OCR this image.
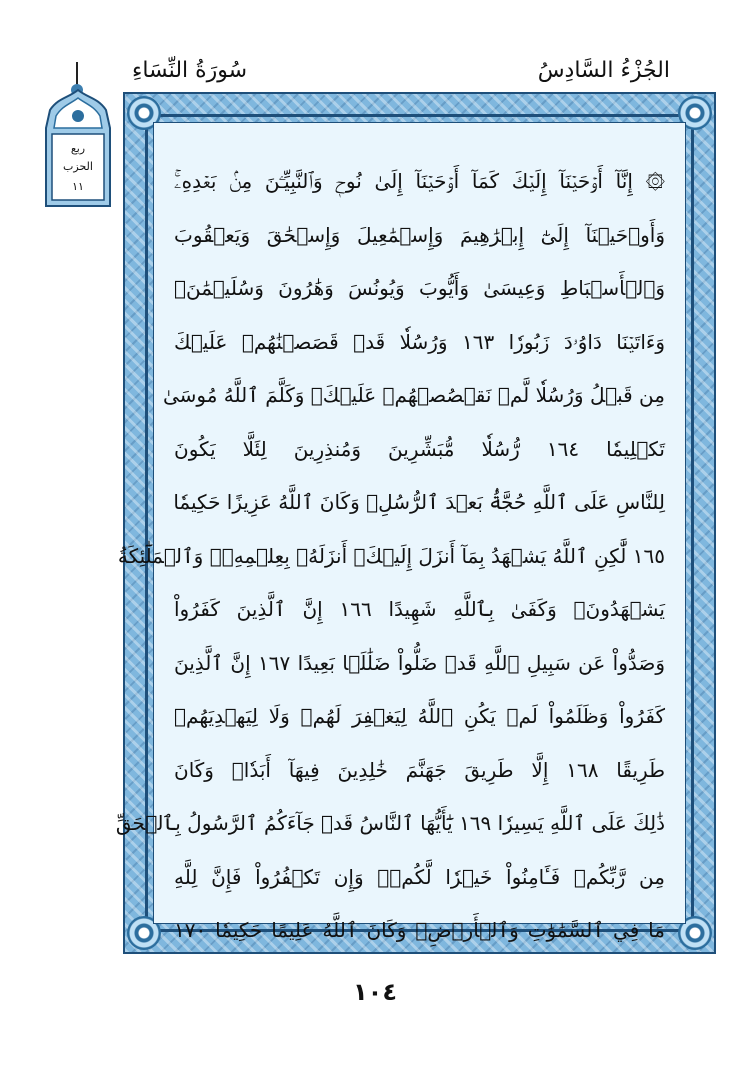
سُورَةُ النِّسَاءِ	الجُزْءُ السَّادِسُ
ربع
الحزب
١١	۞ إِنَّآ أَوۡحَيۡنَآ إِلَيۡكَ كَمَآ أَوۡحَيۡنَآ إِلَىٰ نُوحٖ وَٱلنَّبِيِّـۧنَ مِنۢ بَعۡدِهِۦۚ
وَأَوۡحَيۡنَآ إِلَىٰٓ إِبۡرَٰهِيمَ وَإِسۡمَٰعِيلَ وَإِسۡحَٰقَ وَيَعۡقُوبَ
وَٱلۡأَسۡبَاطِ وَعِيسَىٰ وَأَيُّوبَ وَيُونُسَ وَهَٰرُونَ وَسُلَيۡمَٰنَۚ
وَءَاتَيۡنَا دَاوُۥدَ زَبُورٗا ١٦٣ وَرُسُلٗا قَدۡ قَصَصۡنَٰهُمۡ عَلَيۡكَ
مِن قَبۡلُ وَرُسُلٗا لَّمۡ نَقۡصُصۡهُمۡ عَلَيۡكَۚ وَكَلَّمَ ٱللَّهُ مُوسَىٰ
تَكۡلِيمٗا ١٦٤ رُّسُلٗا مُّبَشِّرِينَ وَمُنذِرِينَ لِئَلَّا يَكُونَ
لِلنَّاسِ عَلَى ٱللَّهِ حُجَّةُۢ بَعۡدَ ٱلرُّسُلِۚ وَكَانَ ٱللَّهُ عَزِيزًا حَكِيمٗا
١٦٥ لَّٰكِنِ ٱللَّهُ يَشۡهَدُ بِمَآ أَنزَلَ إِلَيۡكَۖ أَنزَلَهُۥ بِعِلۡمِهِۦۖ وَٱلۡمَلَٰٓئِكَةُ
يَشۡهَدُونَۚ وَكَفَىٰ بِٱللَّهِ شَهِيدًا ١٦٦ إِنَّ ٱلَّذِينَ كَفَرُواْ
وَصَدُّواْ عَن سَبِيلِ ٱللَّهِ قَدۡ ضَلُّواْ ضَلَٰلَۢا بَعِيدًا ١٦٧ إِنَّ ٱلَّذِينَ
كَفَرُواْ وَظَلَمُواْ لَمۡ يَكُنِ ٱللَّهُ لِيَغۡفِرَ لَهُمۡ وَلَا لِيَهۡدِيَهُمۡ
طَرِيقًا ١٦٨ إِلَّا طَرِيقَ جَهَنَّمَ خَٰلِدِينَ فِيهَآ أَبَدٗاۚ وَكَانَ
ذَٰلِكَ عَلَى ٱللَّهِ يَسِيرٗا ١٦٩ يَٰٓأَيُّهَا ٱلنَّاسُ قَدۡ جَآءَكُمُ ٱلرَّسُولُ بِٱلۡحَقِّ
مِن رَّبِّكُمۡ فَـَٔامِنُواْ خَيۡرٗا لَّكُمۡۚ وَإِن تَكۡفُرُواْ فَإِنَّ لِلَّهِ
مَا فِي ٱلسَّمَٰوَٰتِ وَٱلۡأَرۡضِۚ وَكَانَ ٱللَّهُ عَلِيمًا حَكِيمٗا ١٧٠
١٠٤
